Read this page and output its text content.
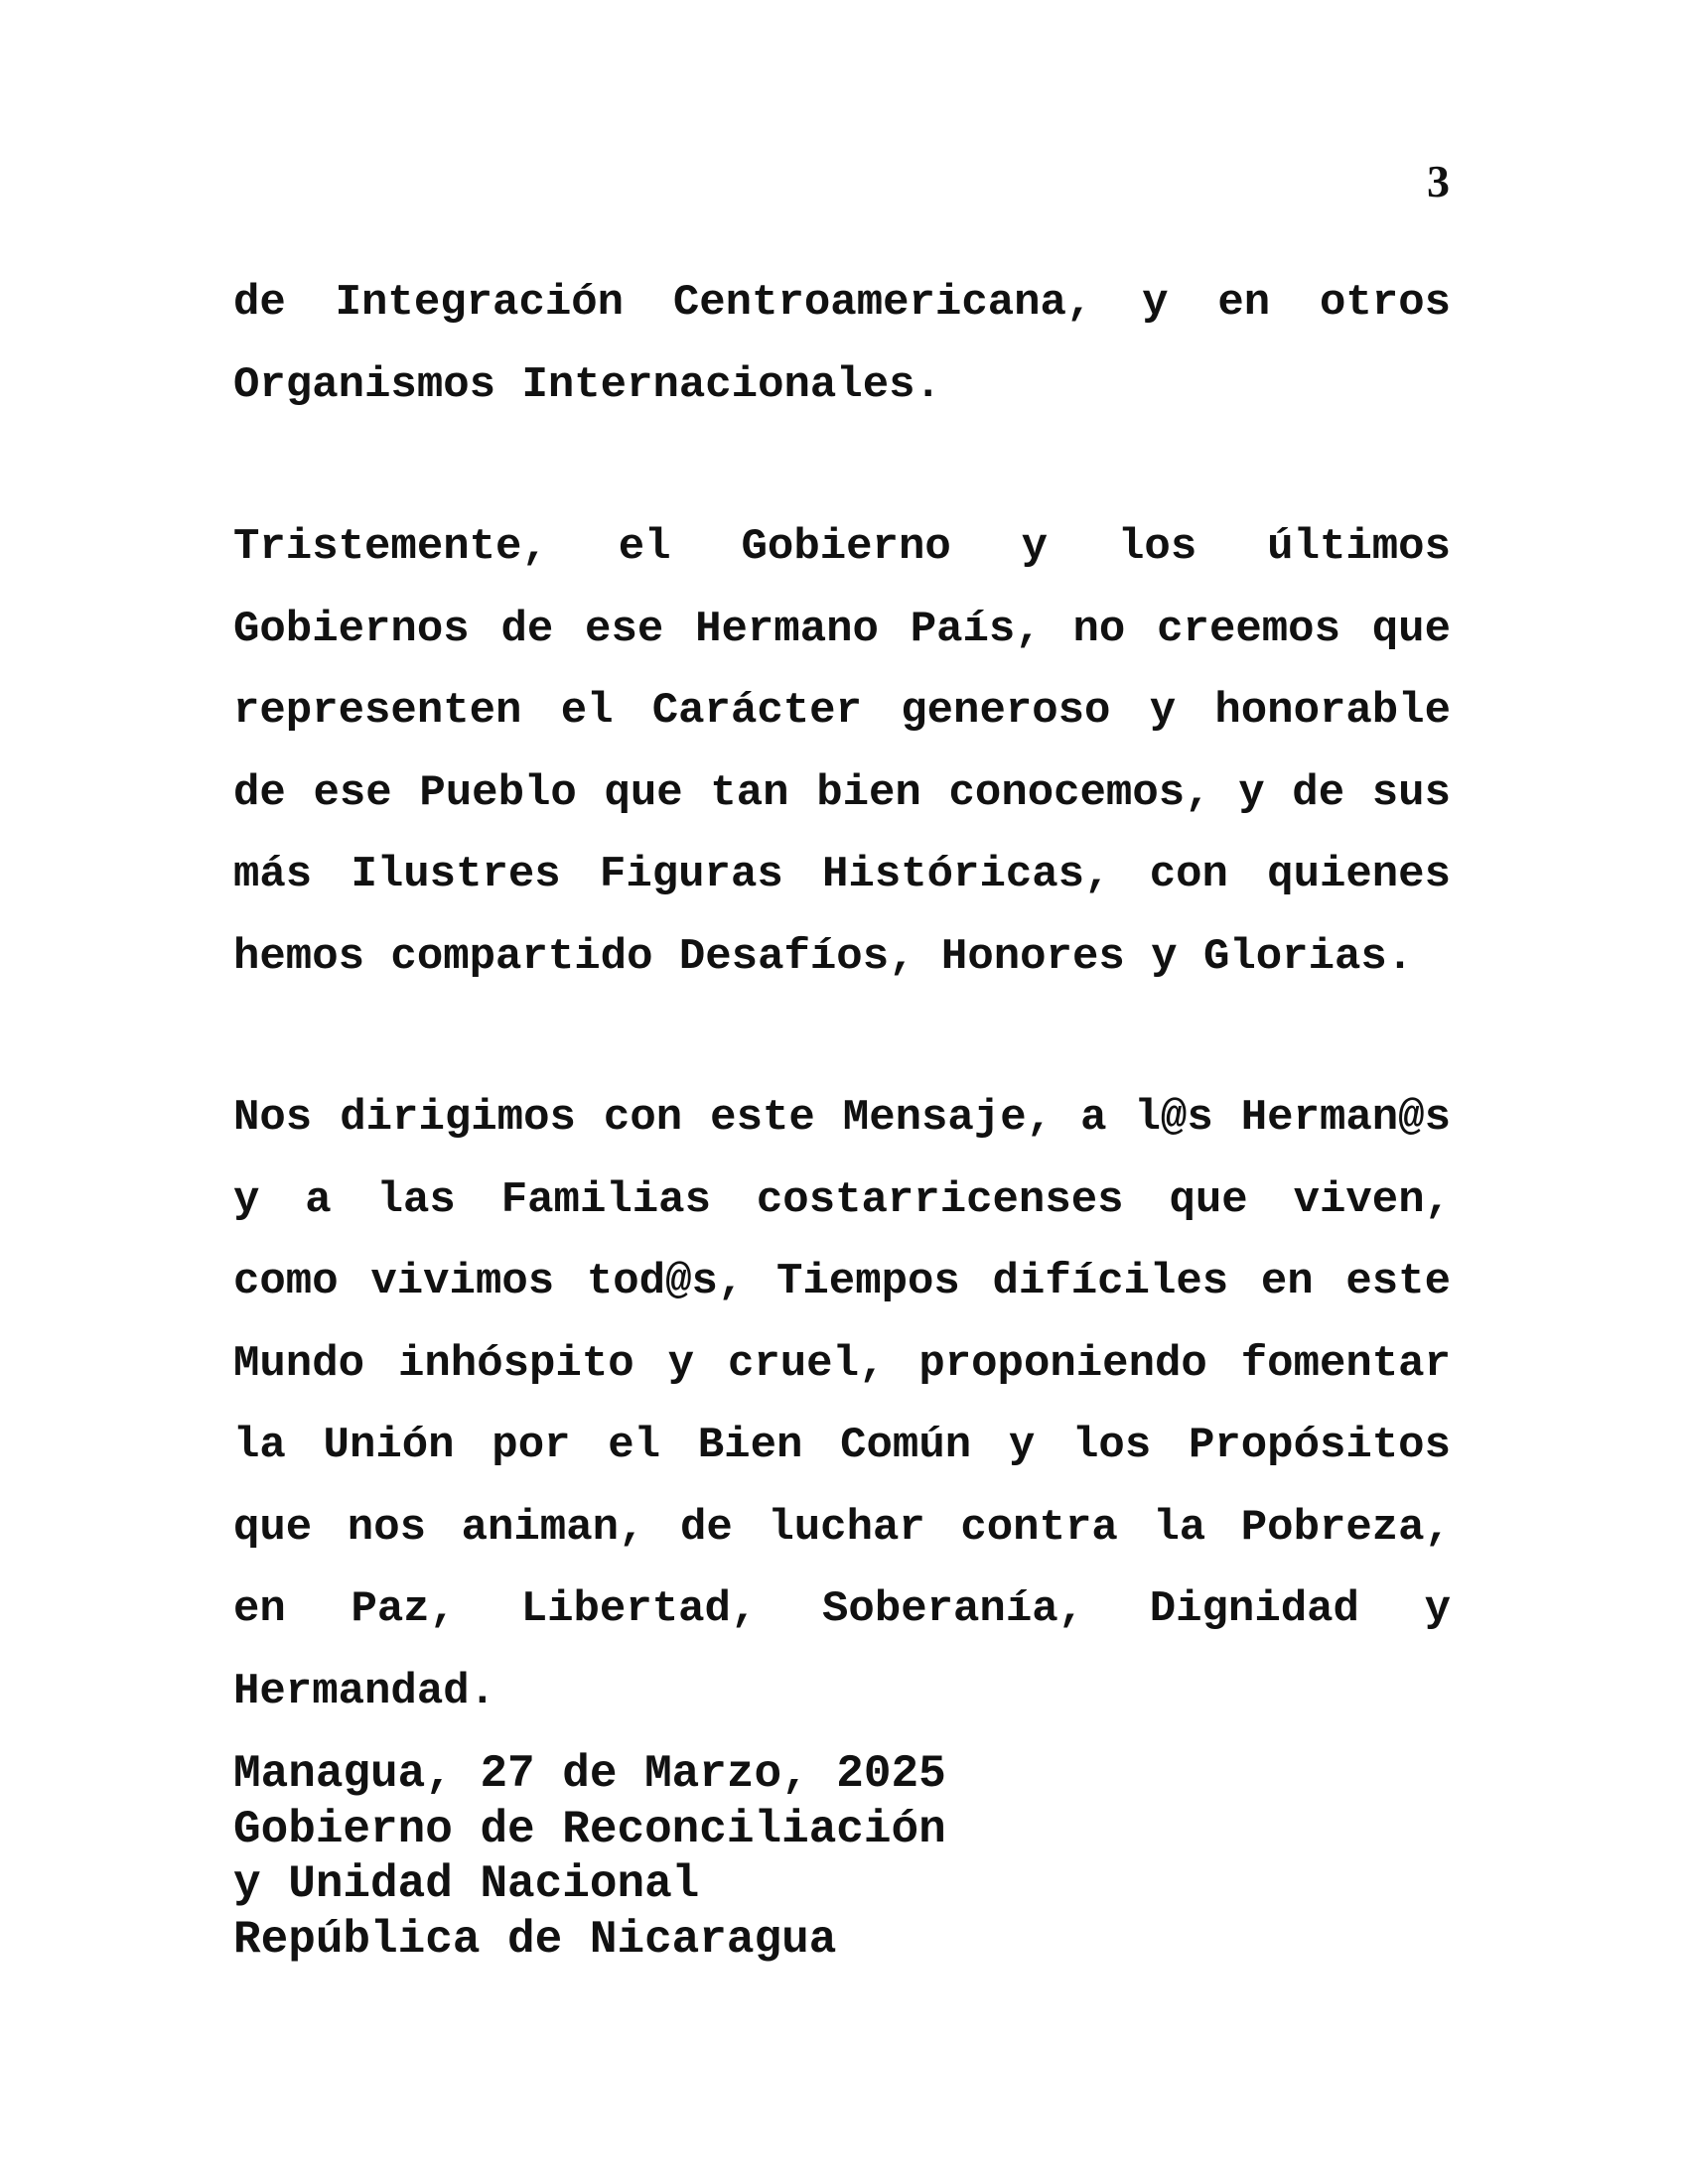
3
de Integración Centroamericana, y en otros Organismos Internacionales.
Tristemente, el Gobierno y los últimos Gobiernos de ese Hermano País, no creemos que representen el Carácter generoso y honorable de ese Pueblo que tan bien conocemos, y de sus más Ilustres Figuras Históricas, con quienes hemos compartido Desafíos, Honores y Glorias.
Nos dirigimos con este Mensaje, a l@s Herman@s y a las Familias costarricenses que viven, como vivimos tod@s, Tiempos difíciles en este Mundo inhóspito y cruel, proponiendo fomentar la Unión por el Bien Común y los Propósitos que nos animan, de luchar contra la Pobreza, en Paz, Libertad, Soberanía, Dignidad y Hermandad.
Managua, 27 de Marzo, 2025
Gobierno de Reconciliación
y Unidad Nacional
República de Nicaragua
